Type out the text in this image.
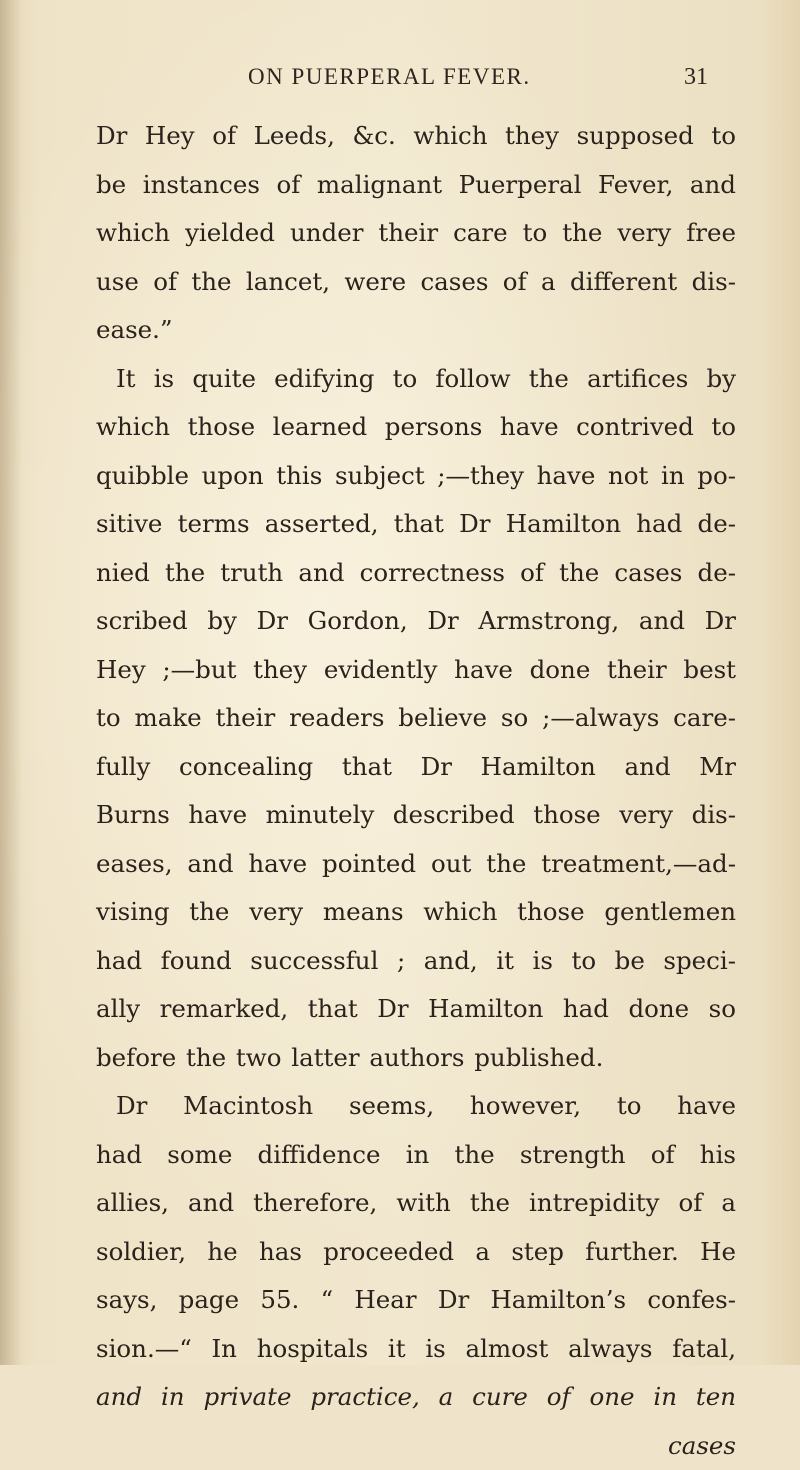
ON PUERPERAL FEVER.	31
Dr Hey of Leeds, &c. which they supposed to
be instances of malignant Puerperal Fever, and
which yielded under their care to the very free
use of the lancet, were cases of a different dis-
ease.”
It is quite edifying to follow the artifices by
which those learned persons have contrived to
quibble upon this subject ;—they have not in po-
sitive terms asserted, that Dr Hamilton had de-
nied the truth and correctness of the cases de-
scribed by Dr Gordon, Dr Armstrong, and Dr
Hey ;—but they evidently have done their best
to make their readers believe so ;—always care-
fully concealing that Dr Hamilton and Mr
Burns have minutely described those very dis-
eases, and have pointed out the treatment,—ad-
vising the very means which those gentlemen
had found successful ; and, it is to be speci-
ally remarked, that Dr Hamilton had done so
before the two latter authors published.
Dr Macintosh seems, however, to have
had some diffidence in the strength of his
allies, and therefore, with the intrepidity of a
soldier, he has proceeded a step further. He
says, page 55. “ Hear Dr Hamilton’s confes-
sion.—“ In hospitals it is almost always fatal,
and in private practice, a cure of one in ten
cases
